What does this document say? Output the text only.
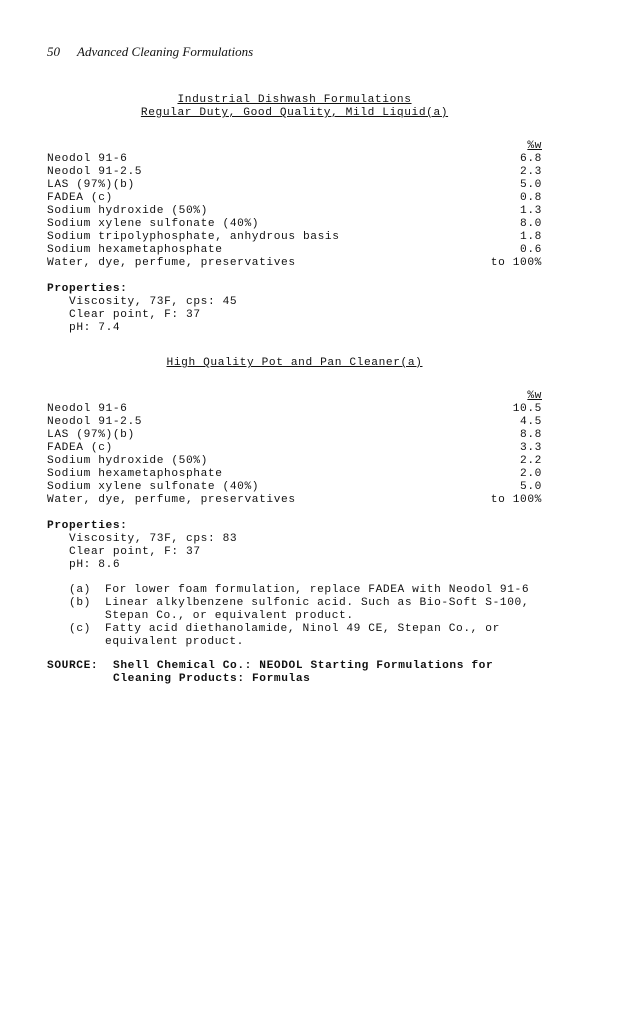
50 Advanced Cleaning Formulations
Industrial Dishwash Formulations
Regular Duty, Good Quality, Mild Liquid(a)
%w
Neodol 91-6	6.8
Neodol 91-2.5	2.3
LAS (97%)(b)	5.0
FADEA (c)	0.8
Sodium hydroxide (50%)	1.3
Sodium xylene sulfonate (40%)	8.0
Sodium tripolyphosphate, anhydrous basis	1.8
Sodium hexametaphosphate	0.6
Water, dye, perfume, preservatives	to 100%
Properties:
Viscosity, 73F, cps: 45
Clear point, F: 37
pH: 7.4
High Quality Pot and Pan Cleaner(a)
%w
Neodol 91-6	10.5
Neodol 91-2.5	4.5
LAS (97%)(b)	8.8
FADEA (c)	3.3
Sodium hydroxide (50%)	2.2
Sodium hexametaphosphate	2.0
Sodium xylene sulfonate (40%)	5.0
Water, dye, perfume, preservatives	to 100%
Properties:
Viscosity, 73F, cps: 83
Clear point, F: 37
pH: 8.6
(a)	For lower foam formulation, replace FADEA with Neodol 91-6
(b)	Linear alkylbenzene sulfonic acid. Such as Bio-Soft S-100,
Stepan Co., or equivalent product.
(c)	Fatty acid diethanolamide, Ninol 49 CE, Stepan Co., or
equivalent product.
SOURCE:	Shell Chemical Co.: NEODOL Starting Formulations for
Cleaning Products: Formulas
